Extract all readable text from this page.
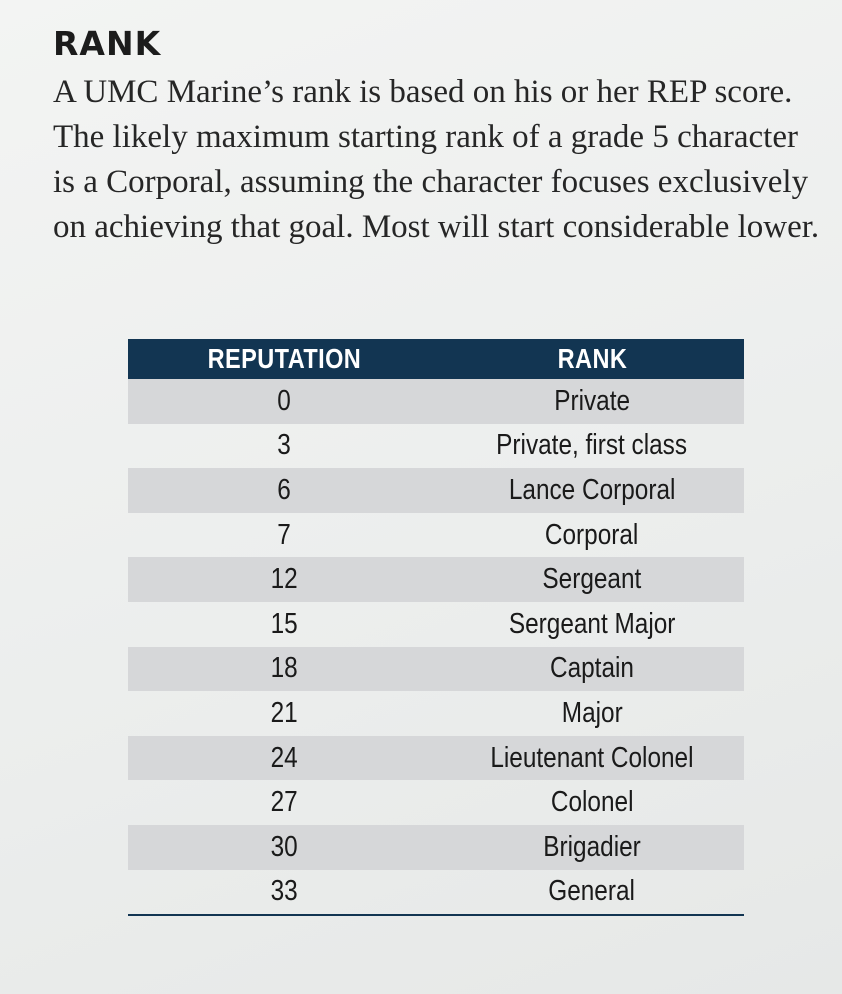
RANK

A UMC Marine’s rank is based on his or her REP score. The likely maximum starting rank of a grade 5 character is a Corporal, assuming the character focuses exclusively on achieving that goal. Most will start considerable lower.

REPUTATION	RANK
0	Private
3	Private, first class
6	Lance Corporal
7	Corporal
12	Sergeant
15	Sergeant Major
18	Captain
21	Major
24	Lieutenant Colonel
27	Colonel
30	Brigadier
33	General
